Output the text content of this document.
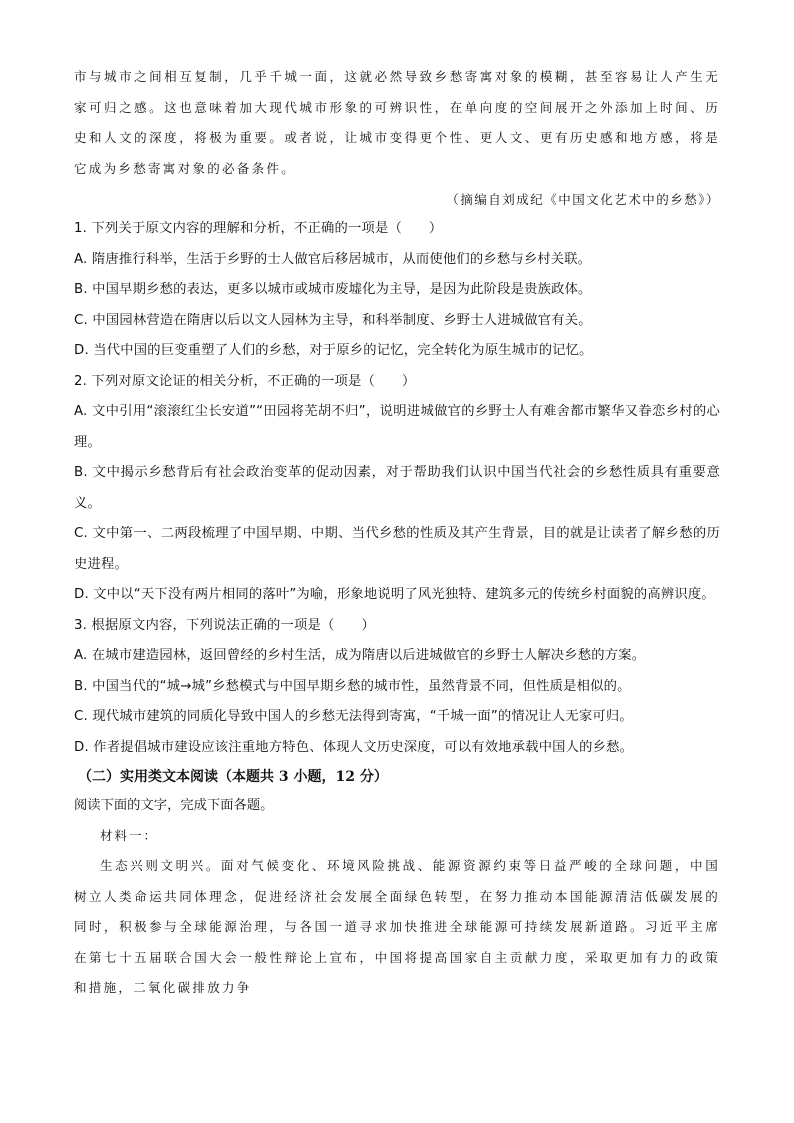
市与城市之间相互复制，几乎千城一面，这就必然导致乡愁寄寓对象的模糊，甚至容易让人产生无家可归之感。这也意味着加大现代城市形象的可辨识性，在单向度的空间展开之外添加上时间、历史和人文的深度，将极为重要。或者说，让城市变得更个性、更人文、更有历史感和地方感，将是它成为乡愁寄寓对象的必备条件。

（摘编自刘成纪《中国文化艺术中的乡愁》）

1. 下列关于原文内容的理解和分析，不正确的一项是（　　）

A. 隋唐推行科举，生活于乡野的士人做官后移居城市，从而使他们的乡愁与乡村关联。

B. 中国早期乡愁的表达，更多以城市或城市废墟化为主导，是因为此阶段是贵族政体。

C. 中国园林营造在隋唐以后以文人园林为主导，和科举制度、乡野士人进城做官有关。

D. 当代中国的巨变重塑了人们的乡愁，对于原乡的记忆，完全转化为原生城市的记忆。

2. 下列对原文论证的相关分析，不正确的一项是（　　）

A. 文中引用“滚滚红尘长安道”“田园将芜胡不归”，说明进城做官的乡野士人有难舍都市繁华又眷恋乡村的心理。

B. 文中揭示乡愁背后有社会政治变革的促动因素，对于帮助我们认识中国当代社会的乡愁性质具有重要意义。

C. 文中第一、二两段梳理了中国早期、中期、当代乡愁的性质及其产生背景，目的就是让读者了解乡愁的历史进程。

D. 文中以“天下没有两片相同的落叶”为喻，形象地说明了风光独特、建筑多元的传统乡村面貌的高辨识度。

3. 根据原文内容，下列说法正确的一项是（　　）

A. 在城市建造园林，返回曾经的乡村生活，成为隋唐以后进城做官的乡野士人解决乡愁的方案。

B. 中国当代的“城→城”乡愁模式与中国早期乡愁的城市性，虽然背景不同，但性质是相似的。

C. 现代城市建筑的同质化导致中国人的乡愁无法得到寄寓，“千城一面”的情况让人无家可归。

D. 作者提倡城市建设应该注重地方特色、体现人文历史深度，可以有效地承载中国人的乡愁。

（二）实用类文本阅读（本题共 3 小题，12 分）

阅读下面的文字，完成下面各题。

材料一：

生态兴则文明兴。面对气候变化、环境风险挑战、能源资源约束等日益严峻的全球问题，中国树立人类命运共同体理念，促进经济社会发展全面绿色转型，在努力推动本国能源清洁低碳发展的同时，积极参与全球能源治理，与各国一道寻求加快推进全球能源可持续发展新道路。习近平主席在第七十五届联合国大会一般性辩论上宣布，中国将提高国家自主贡献力度，采取更加有力的政策和措施，二氧化碳排放力争
